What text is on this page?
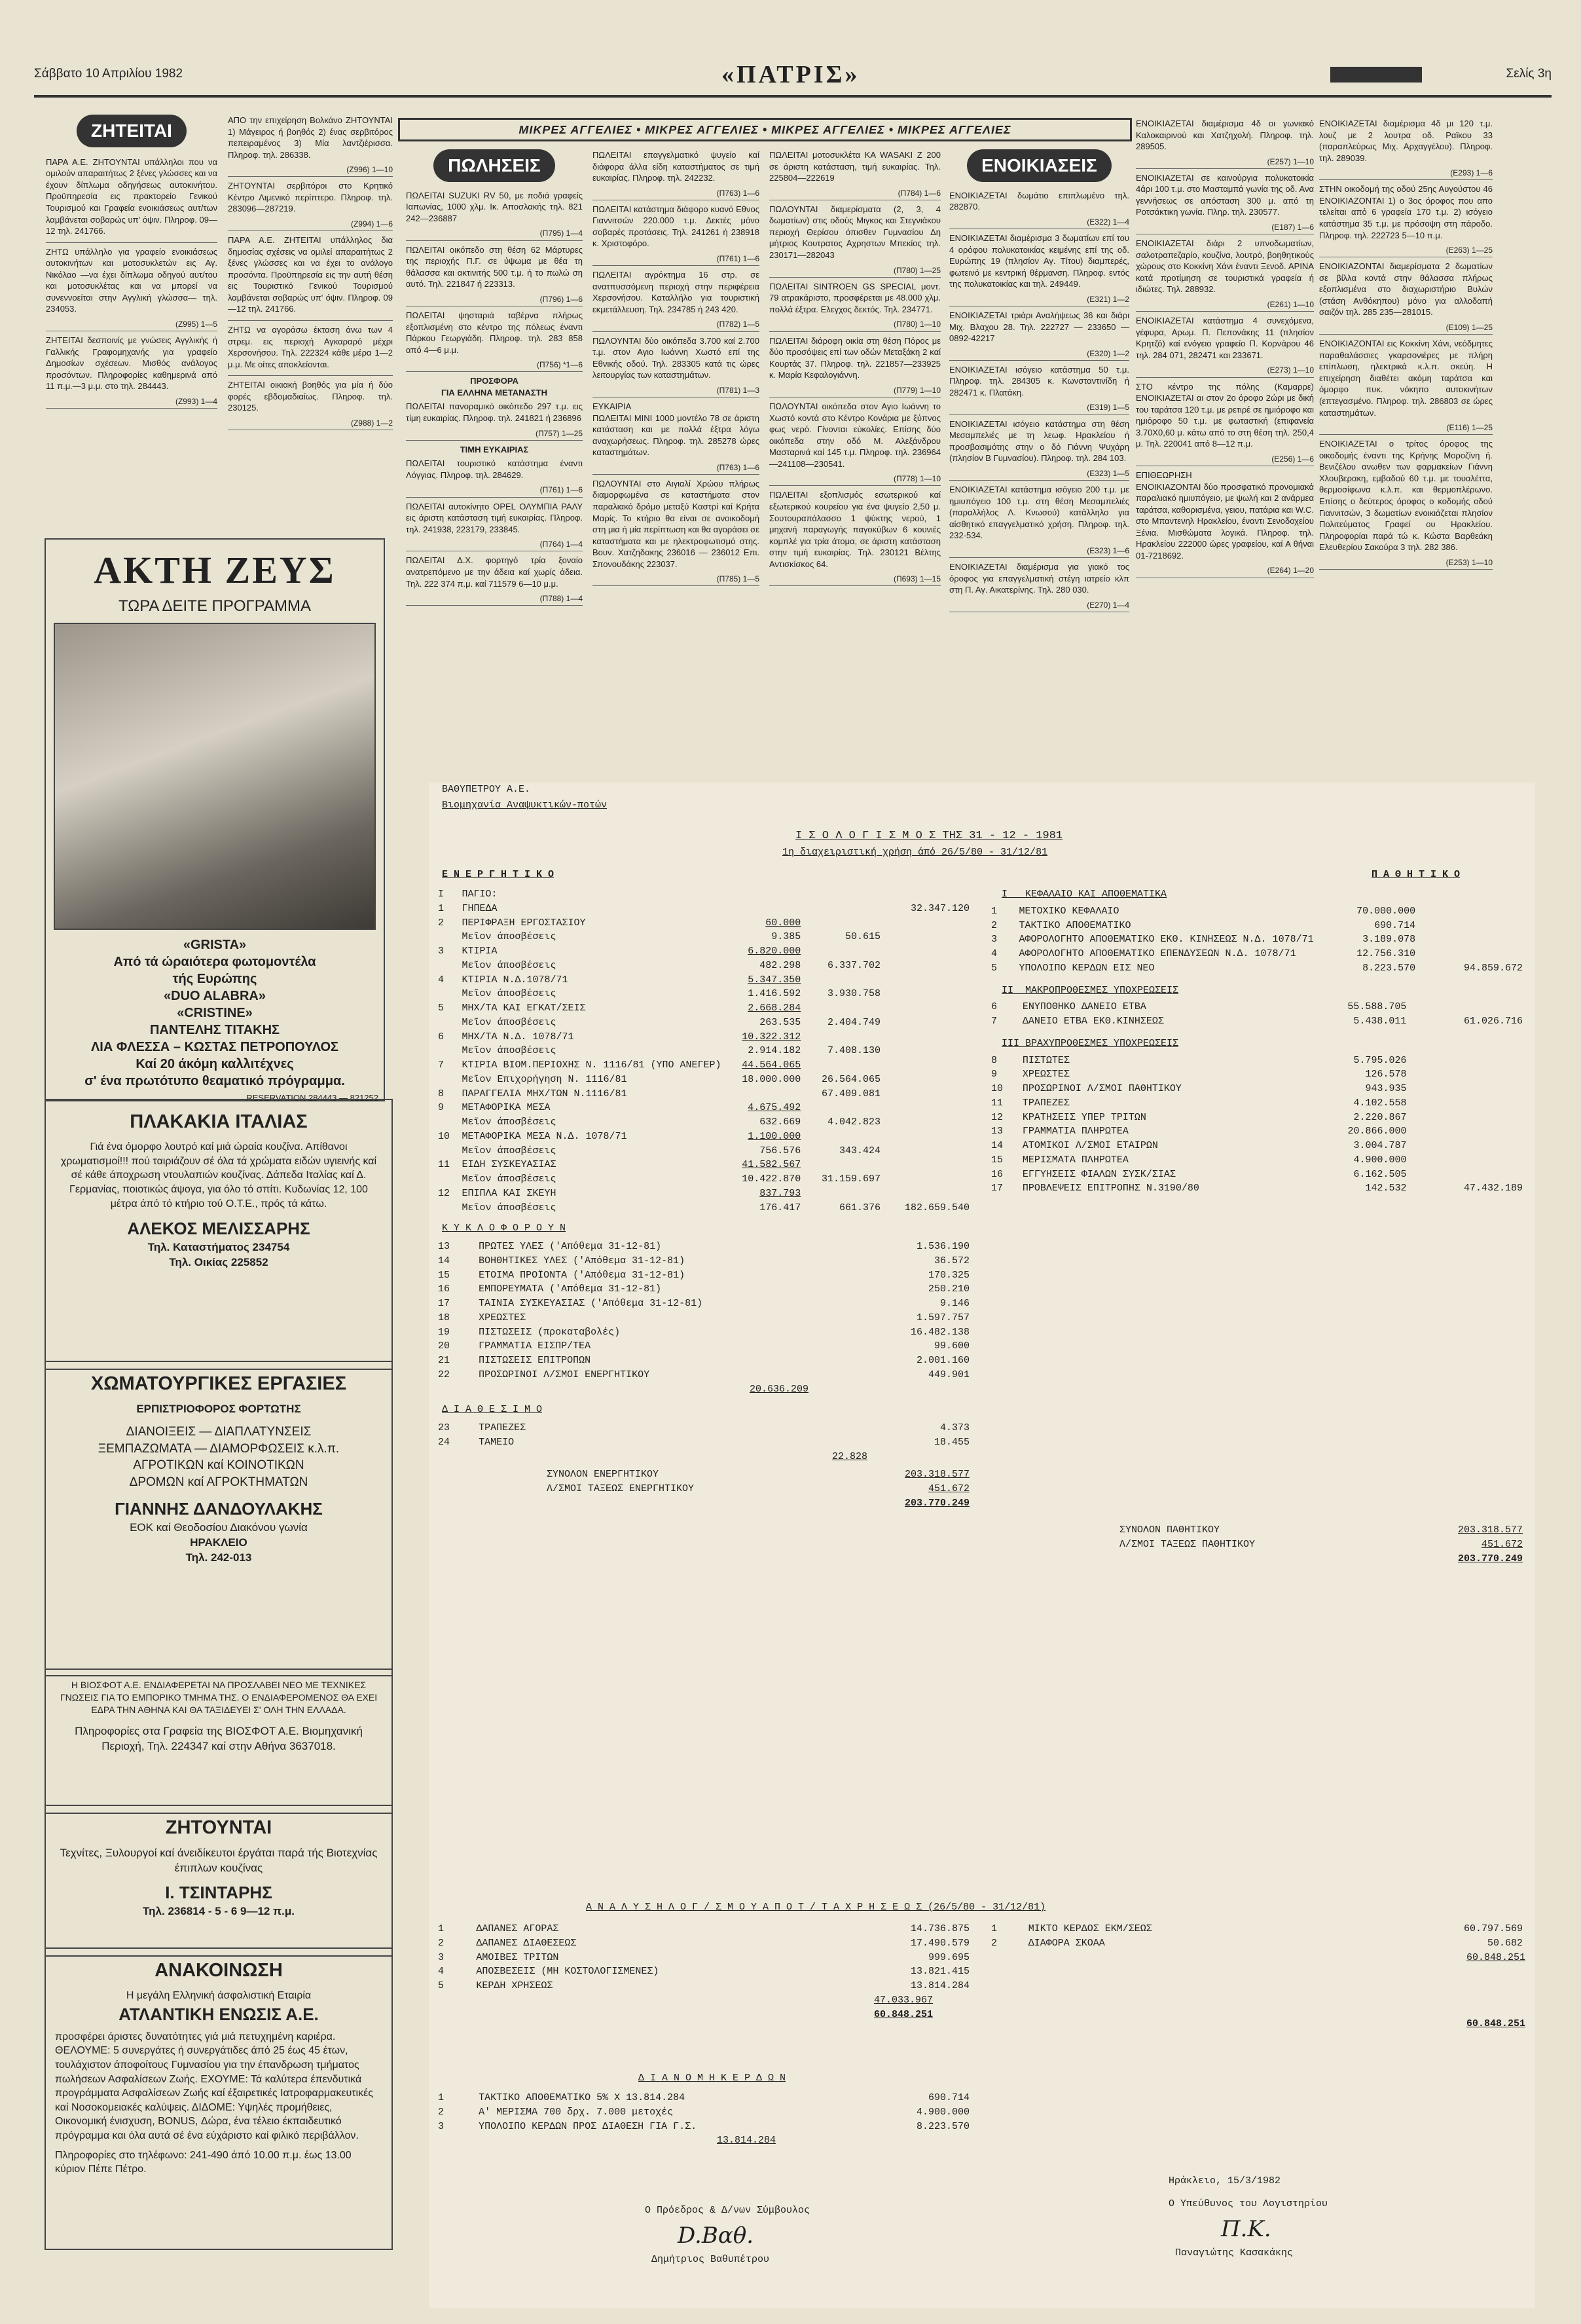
Σάββατο 10 Απριλίου 1982	«ΠΑΤΡΙΣ»	Σελίς 3η
ΖΗΤΕΙΤΑΙ

ΠΑΡΑ Α.Ε. ΖΗΤΟΥΝΤΑΙ υπάλληλοι που να ομιλούν απαραιτήτως 2 ξένες γλώσσες και να έχουν δίπλωμα οδηγήσεως αυτοκινήτου. Προϋπηρεσία εις πρακτορείο Γενικού Τουρισμού και Γραφεία ενοικιάσεως αυτ/των λαμβάνεται σοβαρώς υπ' όψιν. Πληροφ. 09—12 τηλ. 241766.

ΖΗΤΩ υπάλληλο για γραφείο ενοικιάσεως αυτοκινήτων και μοτοσυκλετών εις Αγ. Νικόλαο —να έχει δίπλωμα οδηγού αυτ/του και μοτοσυκλέτας και να μπορεί να συνεννοείται στην Αγγλική γλώσσα— τηλ. 234053.

(Ζ995) 1—5

ΖΗΤΕΙΤΑΙ δεσποινίς με γνώσεις Αγγλικής ή Γαλλικής Γραφομηχανής για γραφείο Δημοσίων σχέσεων. Μισθός ανάλογος προσόντων. Πληροφορίες καθημερινά από 11 π.μ.—3 μ.μ. στο τηλ. 284443.

(Ζ993) 1—4

ΑΠΟ την επιχείρηση Βολκάνο ΖΗΤΟΥΝΤΑΙ 1) Μάγειρος ή βοηθός 2) ένας σερβιτόρος πεπειραμένος 3) Μία λαντζιέρισσα. Πληροφ. τηλ. 286338.

(Ζ996) 1—10

ΖΗΤΟΥΝΤΑΙ σερβιτόροι στο Κρητικό Κέντρο Λιμενικό περίπτερο. Πληροφ. τηλ. 283096—287219.

(Ζ994) 1—6

ΠΑΡΑ Α.Ε. ΖΗΤΕΙΤΑΙ υπάλληλος δια δημοσίας σχέσεις να ομιλεί απαραιτήτως 2 ξένες γλώσσες και να έχει το ανάλογο προσόντα. Προϋπηρεσία εις την αυτή θέση εις Τουριστικό Γενικού Τουρισμού λαμβάνεται σοβαρώς υπ' όψιν. Πληροφ. 09—12 τηλ. 241766.

ΖΗΤΩ να αγοράσω έκταση άνω των 4 στρεμ. εις περιοχή Αγκαραρό μέχρι Χερσονήσου. Τηλ. 222324 κάθε μέρα 1—2 μ.μ. Με οίτες αποκλείονται.

ΖΗΤΕΙΤΑΙ οικιακή βοηθός για μία ή δύο φορές εβδομαδιαίως. Πληροφ. τηλ. 230125.

(Ζ988) 1—2
ΑΚΤΗ ΖΕΥΣ
ΤΩΡΑ ΔΕΙΤΕ ΠΡΟΓΡΑΜΜΑ
«GRISTA»
Από τά ώραιότερα φωτομοντέλα
τής Ευρώπης
«DUO ALABRA»
«CRISTINE»
ΠΑΝΤΕΛΗΣ ΤΙΤΑΚΗΣ
ΛΙΑ ΦΛΕΣΣΑ – ΚΩΣΤΑΣ ΠΕΤΡΟΠΟΥΛΟΣ
Καί 20 άκόμη καλλιτέχνες
σ' ένα πρωτότυπο θεαματικό πρόγραμμα.
RESERVATIOΝ 284443 — 821252
ΠΛΑΚΑΚΙΑ ΙΤΑΛΙΑΣ
Γιά ένα όμορφο λουτρό καί μιά ώραία κουζίνα. Απίθανοι χρωματισμοί!!! πού ταιριάζουν σέ όλα τά χρώματα ειδών υγιεινής καί σέ κάθε άποχρωση ντουλαπιών κουζίνας. Δάπεδα Ιταλίας καί Δ. Γερμανίας, ποιοτικώς άψογα, για όλο τό σπίτι. Κυδωνίας 12, 100 μέτρα άπό τό κτήριο τού Ο.Τ.Ε., πρός τά κάτω.
ΑΛΕΚΟΣ ΜΕΛΙΣΣΑΡΗΣ
Τηλ. Καταστήματος 234754
Τηλ. Οικίας 225852
ΧΩΜΑΤΟΥΡΓΙΚΕΣ ΕΡΓΑΣΙΕΣ
ΕΡΠΙΣΤΡΙΟΦΟΡΟΣ ΦΟΡΤΩΤΗΣ
ΔΙΑΝΟΙΞΕΙΣ — ΔΙΑΠΛΑΤΥΝΣΕΙΣ
ΞΕΜΠΑΖΩΜΑΤΑ — ΔΙΑΜΟΡΦΩΣΕΙΣ κ.λ.π.
ΑΓΡΟΤΙΚΩΝ καί ΚΟΙΝΟΤΙΚΩΝ
ΔΡΟΜΩΝ καί ΑΓΡΟΚΤΗΜΑΤΩΝ
ΓΙΑΝΝΗΣ ΔΑΝΔΟΥΛΑΚΗΣ
ΕΟΚ καί Θεοδοσίου Διακόνου γωνία
ΗΡΑΚΛΕΙΟ
Τηλ. 242-013
Η ΒΙΟΣΦΟΤ Α.Ε. ΕΝΔΙΑΦΕΡΕΤΑΙ ΝΑ ΠΡΟΣΛΑΒΕΙ ΝΕΟ ΜΕ ΤΕΧΝΙΚΕΣ ΓΝΩΣΕΙΣ ΓΙΑ ΤΟ ΕΜΠΟΡΙΚΟ ΤΜΗΜΑ ΤΗΣ. Ο ΕΝΔΙΑΦΕΡΟΜΕΝΟΣ ΘΑ ΕΧΕΙ ΕΔΡΑ ΤΗΝ ΑΘΗΝΑ ΚΑΙ ΘΑ ΤΑΞΙΔΕΥΕΙ Σ' ΟΛΗ ΤΗΝ ΕΛΛΑΔΑ.
Πληροφορίες στα Γραφεία της ΒΙΟΣΦΟΤ Α.Ε. Βιομηχανική Περιοχή, Τηλ. 224347 καί στην Αθήνα 3637018.
ΖΗΤΟΥΝΤΑΙ
Τεχνίτες, Ξυλουργοί καί άνειδίκευτοι έργάται παρά τής Βιοτεχνίας έπιπλων κουζίνας
Ι. ΤΣΙΝΤΑΡΗΣ
Τηλ. 236814 - 5 - 6 9—12 π.μ.
ΑΝΑΚΟΙΝΩΣΗ
Η μεγάλη Ελληνική άσφαλιστική Εταιρία
ΑΤΛΑΝΤΙΚΗ ΕΝΩΣΙΣ Α.Ε.
προσφέρει άριστες δυνατότητες γιά μιά πετυχημένη καριέρα. ΘΕΛΟΥΜΕ: 5 συνεργάτες ή συνεργάτιδες άπό 25 έως 45 έτων, τουλάχιστον άποφοίτους Γυμνασίου για την έπανδρωση τμήματος πωλήσεων Ασφαλίσεων Ζωής. ΕΧΟΥΜΕ: Τά καλύτερα έπενδυτικά προγράμματα Ασφαλίσεων Ζωής καί έξαιρετικές Ιατροφαρμακευτικές καί Νοσοκομειακές καλύψεις. ΔΙΔΟΜΕ: Υψηλές προμήθειες, Οικονομική ένισχυση, BONUS, Δώρα, ένα τέλειο έκπαιδευτικό πρόγραμμα και όλα αυτά σέ ένα εύχάριστο καί φιλικό περιβάλλον.
Πληροφορίες στο τηλέφωνο: 241-490 άπό 10.00 π.μ. έως 13.00 κύριον Πέπε Πέτρο.
ΜΙΚΡΕΣ ΑΓΓΕΛΙΕΣ • ΜΙΚΡΕΣ ΑΓΓΕΛΙΕΣ • ΜΙΚΡΕΣ ΑΓΓΕΛΙΕΣ • ΜΙΚΡΕΣ ΑΓΓΕΛΙΕΣ
ΠΩΛΗΣΕΙΣ

ΠΩΛΕΙΤΑΙ SUZUKI RV 50, με ποδιά γραφείς Ιαπωνίας, 1000 χλμ. Ικ. Αποσλακής τηλ. 821 242—236887

(Π795) 1—4

ΠΩΛΕΙΤΑΙ οικόπεδο στη θέση 62 Μάρτυρες της περιοχής Π.Γ. σε ύψωμα με θέα τη θάλασσα και ακτινιτής 500 τ.μ. ή το πωλώ ση αυτό. Τηλ. 221847 ή 223313.

(Π796) 1—6

ΠΩΛΕΙΤΑΙ ψησταριά ταβέρνα πλήρως εξοπλισμένη στο κέντρο της πόλεως έναντι Πάρκου Γεωργιάδη. Πληροφ. τηλ. 283 858 από 4—6 μ.μ.

(Π756) *1—6
ΠΡΟΣΦΟΡΑ
ΓΙΑ ΕΛΛΗΝΑ ΜΕΤΑΝΑΣΤΗ

ΠΩΛΕΙΤΑΙ πανοραμικό οικόπεδο 297 τ.μ. εις τίμη ευκαιρίας. Πληροφ. τηλ. 241821 ή 236896

(Π757) 1—25
ΤΙΜΗ ΕΥΚΑΙΡΙΑΣ

ΠΩΛΕΙΤΑΙ τουριστικό κατάστημα έναντι Λόγγιας. Πληροφ. τηλ. 284629.

(Π761) 1—6

ΠΩΛΕΙΤΑΙ αυτοκίνητο OPEL ΟΛΥΜΠΙΑ ΡΑΛΥ εις άριστη κατάσταση τιμή ευκαιρίας. Πληροφ. τηλ. 241938, 223179, 233845.

(Π764) 1—4

ΠΩΛΕΙΤΑΙ Δ.Χ. φορτηγό τρία ξοναίο ανατρεπόμενο με την άδεια καί χωρίς άδεια. Τηλ. 222 374 π.μ. καί 711579 6—10 μ.μ.

(Π788) 1—4

ΠΩΛΕΙΤΑΙ επαγγελματικό ψυγείο καί διάφορα άλλα είδη καταστήματος σε τιμή ευκαιρίας. Πληροφ. τηλ. 242232.

(Π763) 1—6

ΠΩΛΕΙΤΑΙ κατάστημα διάφορο κυανό Εθνος Γιαννιτσών 220.000 τ.μ. Δεκτές μόνο σοβαρές προτάσεις. Τηλ. 241261 ή 238918 κ. Χριστοφόρο.

(Π761) 1—6

ΠΩΛΕΙΤΑΙ αγρόκτημα 16 στρ. σε ανατπυσσόμενη περιοχή στην περιφέρεια Χερσονήσου. Καταλλήλο για τουριστική εκμετάλλευση. Τηλ. 234785 ή 243 420.

(Π782) 1—5

ΠΩΛΟΥΝΤΑΙ δύο οικόπεδα 3.700 καί 2.700 τ.μ. στον Αγιο Ιωάννη Χωστό επί της Εθνικής οδού. Τηλ. 283305 κατά τις ώρες λειτουργίας των καταστημάτων.

(Π781) 1—3

ΕΥΚΑΙΡΙΑ
ΠΩΛΕΙΤΑΙ ΜΙΝΙ 1000 μοντέλο 78 σε άριστη κατάσταση και με πολλά έξτρα λόγω αναχωρήσεως. Πληροφ. τηλ. 285278 ώρες καταστημάτων.

(Π763) 1—6

ΠΩΛΟΥΝΤΑΙ στο Αιγιαλί Χρώου πλήρως διαμορφωμένα σε καταστήματα στον παραλιακό δρόμο μεταξύ Καστρί καί Κρήτα Μαρίς. Το κτήριο θα είναι σε ανοικοδομή στη μια ή μία περίπτωση και θα αγοράσει σε καταστήματα και με ηλεκτροφωτισμό στης. Βουν. Χατζηδακης 236016 — 236012 Επι. Σπονουδάκης 223037.

(Π785) 1—5

ΠΩΛΕΙΤΑΙ μοτοσυκλέτα ΚΑ WASAKI Z 200 σε άριστη κατάσταση, τιμή ευκαιρίας. Τηλ. 225804—222619

(Π784) 1—6

ΠΩΛΟΥΝΤΑΙ διαμερίσματα (2, 3, 4 δωματίων) στις οδούς Μιγκος και Στεγνιάκου περιοχή Θερίσου όπισθεν Γυμνασίου Δη μήτριος Κουτρατος Αχρηστων Μπεκίος τηλ. 230171—282043

(Π780) 1—25

ΠΩΛΕΙΤΑΙ SINTROEN GS SPECIAL μοντ. 79 ατρακάριστο, προσφέρεται με 48.000 χλμ. πολλά έξτρα. Ελεγχος δεκτός. Τηλ. 234771.

(Π780) 1—10

ΠΩΛΕΙΤΑΙ διάροφη οικία στη θέση Πόρος με δύο προσόψεις επί των οδών Μεταξάκη 2 καί Κουρτάς 37. Πληροφ. τηλ. 221857—233925 κ. Μαρία Κεφαλογιάννη.

(Π779) 1—10

ΠΩΛΟΥΝΤΑΙ οικόπεδα στον Αγιο Ιωάννη το Χωστό κοντά στο Κέντρο Κονάρια με ξύπνος φως νερό. Γίνονται εύκολίες. Επίσης δύο οικόπεδα στην οδό Μ. Αλεξάνδρου Μασταρινά καί 145 τ.μ. Πληροφ. τηλ. 236964—241108—230541.

(Π778) 1—10

ΠΩΛΕΙΤΑΙ εξοπλισμός εσωτερικού καί εξωτερικού κουρείου για ένα ψυγείο 2,50 μ. Σουτουραπάλασσο 1 ψύκτης νερού, 1 μηχανή παραγωγής παγοκύβων 6 κουνιές κομπλέ για τρία άτομα, σε άριστη κατάσταση στην τιμή ευκαιρίας. Τηλ. 230121 Βέλτης Αντισκίσκος 64.

(Π693) 1—15
ΕΝΟΙΚΙΑΣΕΙΣ

ΕΝΟΙΚΙΑΖΕΤΑΙ δωμάτιο επιπλωμένο τηλ. 282870.

(Ε322) 1—4

ΕΝΟΙΚΙΑΖΕΤΑΙ διαμέρισμα 3 δωματίων επί του 4 ορόφου πολυκατοικίας κειμένης επί της οδ. Ευρώπης 19 (πλησίον Αγ. Τίτου) διαμπερές, φωτεινό με κεντρική θέρμανση. Πληροφ. εντός της πολυκατοικίας και τηλ. 249449.

(Ε321) 1—2

ΕΝΟΙΚΙΑΖΕΤΑΙ τριάρι Αναλήψεως 36 και διάρι Μιχ. Βλαχου 28. Τηλ. 222727 — 233650 — 0892-42217

(Ε320) 1—2

ΕΝΟΙΚΙΑΖΕΤΑΙ ισόγειο κατάστημα 50 τ.μ. Πληροφ. τηλ. 284305 κ. Κωνσταντινίδη ή 282471 κ. Πλατάκη.

(Ε319) 1—5

ΕΝΟΙΚΙΑΖΕΤΑΙ ισόγειο κατάστημα στη θέση Μεσαμπελιές με τη λεωφ. Ηρακλείου ή προσβασιμότης στην ο δό Γιάννη Ψυχάρη (πλησίον Β Γυμνασίου). Πληροφ. τηλ. 284 103.

(Ε323) 1—5

ΕΝΟΙΚΙΑΖΕΤΑΙ κατάστημα ισόγειο 200 τ.μ. με ημιυπόγειο 100 τ.μ. στη θέση Μεσαμπελιές (παραλλήλος Λ. Κνωσού) κατάλληλο για αίσθητικό επαγγελματικό χρήση. Πληροφ. τηλ. 232-534.

(Ε323) 1—6

ΕΝΟΙΚΙΑΖΕΤΑΙ διαμέρισμα για γιακό τος όροφος για επαγγελματική στέγη ιατρείο κλπ στη Π. Αγ. Αικατερίνης. Τηλ. 280 030.

(Ε270) 1—4

ΕΝΟΙΚΙΑΖΕΤΑΙ διαμέρισμα 4δ οι γωνιακό Καλοκαιρινού και Χατζηχολή. Πληροφ. τηλ. 289505.

(Ε257) 1—10

ΕΝΟΙΚΙΑΖΕΤΑΙ σε καινούργια πολυκατοικία 4άρι 100 τ.μ. στο Μασταμπά γωνία της οδ. Ανα γεννήσεως σε απόσταση 300 μ. από τη Ροτσάκτικη γωνία. Πληρ. τηλ. 230577.

(Ε187) 1—6

ΕΝΟΙΚΙΑΖΕΤΑΙ διάρι 2 υπνοδωματίων, σαλοτραπεζαρίο, κουζίνα, λουτρό, βοηθητικούς χώρους στο Κοκκίνη Χάνι έναντι Ξενοδ. ΑΡΙΝΑ κατά προτίμηση σε τουριστικά γραφεία ή ιδιώτες. Τηλ. 288932.

(Ε261) 1—10

ΕΝΟΙΚΙΑΖΕΤΑΙ κατάστημα 4 συνεχόμενα, γέφυρα, Αρωμ. Π. Πεπονάκης 11 (πλησίον Κρητζό) καί ενόγειο γραφείο Π. Κορνάρου 46 τηλ. 284 071, 282471 και 233671.

(Ε273) 1—10

ΣΤΟ κέντρο της πόλης (Καμαρρε) ΕΝΟΙΚΙΑΖΕΤΑΙ αι στον 2ο όροφο 2ώρι με δική του ταράτσα 120 τ.μ. με ρετιρέ σε ημιόροφο και ημιόροφο 50 τ.μ. με φωταστική (επιφανεία 3.70Χ0,60 μ. κάτω από το στη θέση τηλ. 250,4 μ. Τηλ. 220041 από 8—12 π.μ.

(Ε256) 1—6

ΕΠΙΘΕΩΡΗΣΗ
ΕΝΟΙΚΙΑΖΟΝΤΑΙ δύο προσφατικό προνομιακά παραλιακό ημιυπόγειο, με ψωλή και 2 ανάρμεα ταράτσα, καθορισμένα, γειου, πατάρια και W.C. στο Μπαντενηλ Ηρακλείου, έναντι Σενοδοχείου Ξένια. Μισθώματα λογικά. Πληροφ. τηλ. Ηρακλείου 222000 ώρες γραφείου, καί Α θήναι 01-7218692.

(Ε264) 1—20

ΕΝΟΙΚΙΑΖΕΤΑΙ διαμέρισμα 4δ μι 120 τ.μ. λουζ με 2 λουτρα οδ. Ραϊκου 33 (παραπλεύρως Μιχ. Αρχαγγέλου). Πληροφ. τηλ. 289039.

(Ε293) 1—6

ΣΤΗΝ οικοδομή της οδού 25ης Αυγούστου 46 ΕΝΟΙΚΙΑΖΟΝΤΑΙ 1) ο 3ος όροφος που απο τελείται από 6 γραφεία 170 τ.μ. 2) ισόγειο κατάστημα 35 τ.μ. με πρόσοψη στη πάροδο. Πληροφ. τηλ. 222723 5—10 π.μ.

(Ε263) 1—25

ΕΝΟΙΚΙΑΖΟΝΤΑΙ διαμερίσματα 2 δωματίων σε βίλλα κοντά στην θάλασσα πλήρως εξοπλισμένα στο διαχωριστήριο Βυλών (στάση Ανθόκηπου) μόνο για αλλοδαπή σαιζόν τηλ. 285 235—281015.

(Ε109) 1—25

ΕΝΟΙΚΙΑΖΟΝΤΑΙ εις Κοκκίνη Χάνι, νεόδμητες παραθαλάσσιες γκαρσονιέρες με πλήρη επίπλωση, ηλεκτρικά κ.λ.π. σκεύη. Η επιχείρηση διαθέτει ακόμη ταράτσα και όμορφο πυκ. νόκηπο αυτοκινήτων (επτεγασμένο. Πληροφ. τηλ. 286803 σε ώρες καταστημάτων.

(Ε116) 1—25

ΕΝΟΙΚΙΑΖΕΤΑΙ ο τρίτος όροφος της οικοδομής έναντι της Κρήνης Μοροζίνη ή. Βενιζέλου ανωθεν των φαρμακείων Γιάννη Χλουβερακη, εμβαδού 60 τ.μ. με τουαλέττα, θερμοσίφωνα κ.λ.π. και θερμοπλέρωνο. Επίσης ο δεύτερος όροφος ο κοδομής οδού Γιαννιτσών, 3 δωματίων ενοικιάζεται πλησίον Πολιτεύματος Γραφεί ου Ηρακλείου. Πληροφορίαι παρά τώ κ. Κώστα Βαρθεάκη Ελευθερίου Σακούρα 3 τηλ. 282 386.

(Ε253) 1—10
ΒΑΘΥΠΕΤΡΟΥ Α.Ε.
Βιομηχανία Αναψυκτικών-ποτών
Ι Σ Ο Λ Ο Γ Ι Σ Μ Ο Σ ΤΗΣ 31 - 12 - 1981
1η διαχειριστική χρήση άπό 26/5/80 - 31/12/81
Ε Ν Ε Ρ Γ Η Τ Ι Κ Ο	Π Α Θ Η Τ Ι Κ Ο
I	ΠΑΓΙΟ:			
1	ΓΗΠΕΔΑ			32.347.120
2	ΠΕΡΙΦΡΑΞΗ ΕΡΓΟΣΤΑΣΙΟΥ	60.000		
	Μεῖον άποσβέσεις	9.385	50.615	
3	ΚΤΙΡΙΑ	6.820.000		
	Μεῖον άποσβέσεις	482.298	6.337.702	
4	ΚΤΙΡΙΑ Ν.Δ.1078/71	5.347.350		
	Μεῖον άποσβέσεις	1.416.592	3.930.758	
5	ΜΗΧ/ΤΑ ΚΑΙ ΕΓΚΑΤ/ΣΕΙΣ	2.668.284		
	Μεῖον άποσβέσεις	263.535	2.404.749	
6	ΜΗΧ/ΤΑ Ν.Δ. 1078/71	10.322.312		
	Μεῖον άποσβέσεις	2.914.182	7.408.130	
7	ΚΤΙΡΙΑ ΒΙΟΜ.ΠΕΡΙΟΧΗΣ Ν. 1116/81 (ΥΠΟ ΑΝΕΓΕΡ)	44.564.065		
	Μεῖον Επιχορήγηση Ν. 1116/81	18.000.000	26.564.065	
8	ΠΑΡΑΓΓΕΛΙΑ ΜΗΧ/ΤΩΝ Ν.1116/81		67.409.081	
9	ΜΕΤΑΦΟΡΙΚΑ ΜΕΣΑ	4.675.492		
	Μεῖον άποσβέσεις	632.669	4.042.823	
10	ΜΕΤΑΦΟΡΙΚΑ ΜΕΣΑ Ν.Δ. 1078/71	1.100.000		
	Μεῖον άποσβέσεις	756.576	343.424	
11	ΕΙΔΗ ΣΥΣΚΕΥΑΣΙΑΣ	41.582.567		
	Μεῖον άποσβέσεις	10.422.870	31.159.697	
12	ΕΠΙΠΛΑ ΚΑΙ ΣΚΕΥΗ	837.793		
	Μεῖον άποσβέσεις	176.417	661.376	182.659.540
Κ Υ Κ Λ Ο Φ Ο Ρ Ο Υ Ν
13	ΠΡΩΤΕΣ ΥΛΕΣ ('Απόθεμα 31-12-81)	1.536.190
14	ΒΟΗΘΗΤΙΚΕΣ ΥΛΕΣ ('Απόθεμα 31-12-81)	36.572
15	ΕΤΟΙΜΑ ΠΡΟΪΟΝΤΑ ('Απόθεμα 31-12-81)	170.325
16	ΕΜΠΟΡΕΥΜΑΤΑ ('Απόθεμα 31-12-81)	250.210
17	ΤΑΙΝΙΑ ΣΥΣΚΕΥΑΣΙΑΣ ('Απόθεμα 31-12-81)	9.146
18	ΧΡΕΩΣΤΕΣ	1.597.757
19	ΠΙΣΤΩΣΕΙΣ (προκαταβολές)	16.482.138
20	ΓΡΑΜΜΑΤΙΑ ΕΙΣΠΡ/ΤΕΑ	99.600
21	ΠΙΣΤΩΣΕΙΣ ΕΠΙΤΡΟΠΩΝ	2.001.160
22	ΠΡΟΣΩΡΙΝΟΙ Λ/ΣΜΟΙ ΕΝΕΡΓΗΤΙΚΟΥ	449.901
20.636.209
Δ Ι Α Θ Ε Σ Ι Μ Ο
23	ΤΡΑΠΕΖΕΣ	4.373
24	ΤΑΜΕΙΟ	18.455
22.828
ΣΥΝΟΛΟΝ ΕΝΕΡΓΗΤΙΚΟΥ	203.318.577
Λ/ΣΜΟΙ ΤΑΞΕΩΣ ΕΝΕΡΓΗΤΙΚΟΥ	451.672
	203.770.249
I   ΚΕΦΑΛΑΙΟ ΚΑΙ ΑΠΟΘΕΜΑΤΙΚΑ
1	ΜΕΤΟΧΙΚΟ ΚΕΦΑΛΑΙΟ	70.000.000	
2	ΤΑΚΤΙΚΟ ΑΠΟΘΕΜΑΤΙΚΟ	690.714	
3	ΑΦΟΡΟΛΟΓΗΤΟ ΑΠΟΘΕΜΑΤΙΚΟ ΕΚΘ. ΚΙΝΗΣΕΩΣ Ν.Δ. 1078/71	3.189.078	
4	ΑΦΟΡΟΛΟΓΗΤΟ ΑΠΟΘΕΜΑΤΙΚΟ ΕΠΕΝΔΥΣΕΩΝ Ν.Δ. 1078/71	12.756.310	
5	ΥΠΟΛΟΙΠΟ ΚΕΡΔΩΝ ΕΙΣ ΝΕΟ	8.223.570	94.859.672
II  ΜΑΚΡΟΠΡΟΘΕΣΜΕΣ ΥΠΟΧΡΕΩΣΕΙΣ
6	ΕΝΥΠΟΘΗΚΟ ΔΑΝΕΙΟ ΕΤΒΑ	55.588.705	
7	ΔΑΝΕΙΟ ΕΤΒΑ ΕΚΘ.ΚΙΝΗΣΕΩΣ	5.438.011	61.026.716
III ΒΡΑΧΥΠΡΟΘΕΣΜΕΣ ΥΠΟΧΡΕΩΣΕΙΣ
8	ΠΙΣΤΩΤΕΣ	5.795.026	
9	ΧΡΕΩΣΤΕΣ	126.578	
10	ΠΡΟΣΩΡΙΝΟΙ Λ/ΣΜΟΙ ΠΑΘΗΤΙΚΟΥ	943.935	
11	ΤΡΑΠΕΖΕΣ	4.102.558	
12	ΚΡΑΤΗΣΕΙΣ ΥΠΕΡ ΤΡΙΤΩΝ	2.220.867	
13	ΓΡΑΜΜΑΤΙΑ ΠΛΗΡΩΤΕΑ	20.866.000	
14	ΑΤΟΜΙΚΟΙ Λ/ΣΜΟΙ ΕΤΑΙΡΩΝ	3.004.787	
15	ΜΕΡΙΣΜΑΤΑ ΠΛΗΡΩΤΕΑ	4.900.000	
16	ΕΓΓΥΗΣΕΙΣ ΦΙΑΛΩΝ ΣΥΣΚ/ΣΙΑΣ	6.162.505	
17	ΠΡΟΒΛΕΨΕΙΣ ΕΠΙΤΡΟΠΗΣ Ν.3190/80	142.532	47.432.189
ΣΥΝΟΛΟΝ ΠΑΘΗΤΙΚΟΥ	203.318.577
Λ/ΣΜΟΙ ΤΑΞΕΩΣ ΠΑΘΗΤΙΚΟΥ	451.672
	203.770.249
Α Ν Α Λ Υ Σ Η Λ Ο Γ / Σ Μ Ο Υ Α Π Ο Τ / Τ Α Χ Ρ Η Σ Ε Ω Σ (26/5/80 - 31/12/81)
1	ΔΑΠΑΝΕΣ ΑΓΟΡΑΣ	14.736.875
2	ΔΑΠΑΝΕΣ ΔΙΑΘΕΣΕΩΣ	17.490.579
3	ΑΜΟΙΒΕΣ ΤΡΙΤΩΝ	999.695
4	ΑΠΟΣΒΕΣΕΙΣ (ΜΗ ΚΟΣΤΟΛΟΓΙΣΜΕΝΕΣ)	13.821.415
5	ΚΕΡΔΗ ΧΡΗΣΕΩΣ	13.814.284
47.033.967
60.848.251
1	ΜΙΚΤΟ ΚΕΡΔΟΣ ΕΚΜ/ΣΕΩΣ	60.797.569
2	ΔΙΑΦΟΡΑ ΣΚΟΑΑ	50.682
60.848.251
60.848.251
Δ Ι Α Ν Ο Μ Η Κ Ε Ρ Δ Ω Ν
1	ΤΑΚΤΙΚΟ ΑΠΟΘΕΜΑΤΙΚΟ 5% Χ 13.814.284	690.714
2	Α' ΜΕΡΙΣΜΑ 700 δρχ. 7.000 μετοχές	4.900.000
3	ΥΠΟΛΟΙΠΟ ΚΕΡΔΩΝ ΠΡΟΣ ΔΙΑΘΕΣΗ ΓΙΑ Γ.Σ.	8.223.570
13.814.284
Ηράκλειο, 15/3/1982
Ο Πρόεδρος & Δ/νων Σύμβουλος
D.Βαθ.
Δημήτριος Βαθυπέτρου
Ο Υπεύθυνος του Λογιστηρίου
Π.Κ.
Παναγιώτης Κασακάκης
